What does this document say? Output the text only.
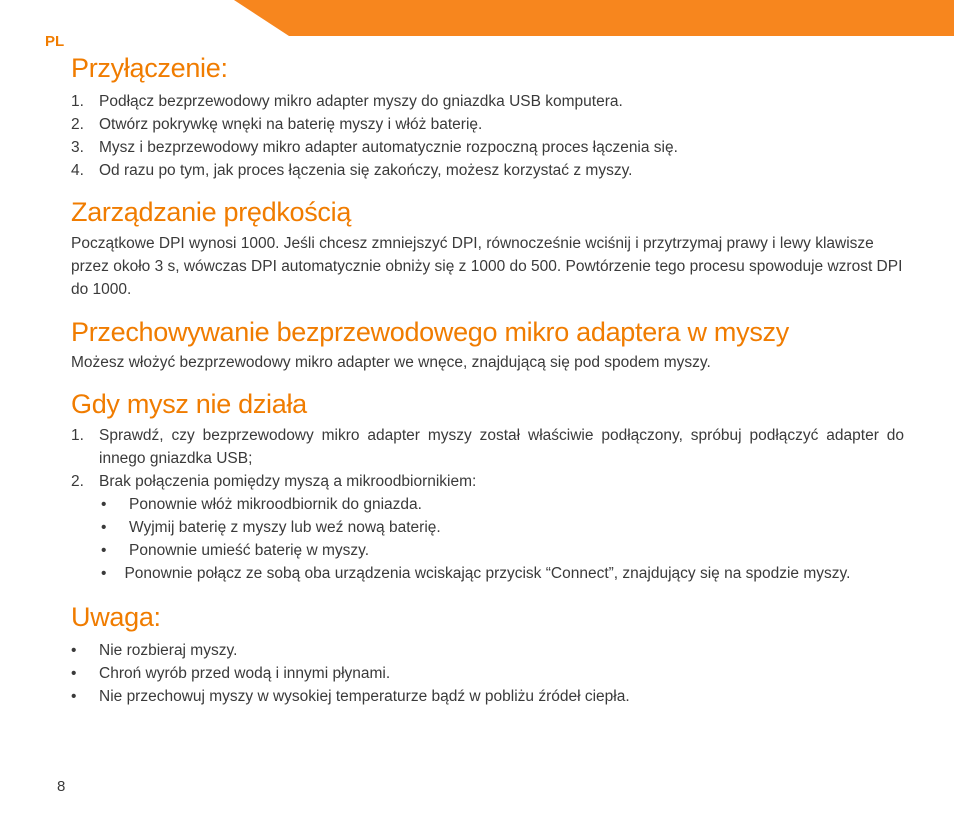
PL
Przyłączenie:
1. Podłącz bezprzewodowy mikro adapter myszy do gniazdka USB komputera.
2. Otwórz pokrywkę wnęki na baterię myszy i włóż baterię.
3. Mysz i bezprzewodowy mikro adapter automatycznie rozpoczną proces łączenia się.
4. Od razu po tym, jak proces łączenia się zakończy, możesz korzystać z myszy.
Zarządzanie prędkością
Początkowe DPI wynosi 1000. Jeśli chcesz zmniejszyć DPI, równocześnie wciśnij i przytrzymaj prawy i lewy klawisze przez około 3 s, wówczas DPI automatycznie obniży się z 1000 do 500. Powtórzenie tego procesu spowoduje wzrost DPI do 1000.
Przechowywanie bezprzewodowego mikro adaptera w myszy
Możesz włożyć bezprzewodowy mikro adapter we wnęce, znajdującą się pod spodem myszy.
Gdy mysz nie działa
1. Sprawdź, czy bezprzewodowy mikro adapter myszy został właściwie podłączony, spróbuj podłączyć adapter do innego gniazdka USB;
2. Brak połączenia pomiędzy myszą a mikroodbiornikiem:
• Ponownie włóż mikroodbiornik do gniazda.
• Wyjmij baterię z myszy lub weź nową baterię.
• Ponownie umieść baterię w myszy.
• Ponownie połącz ze sobą oba urządzenia wciskając przycisk “Connect”, znajdujący się na spodzie myszy.
Uwaga:
• Nie rozbieraj myszy.
• Chroń wyrób przed wodą i innymi płynami.
• Nie przechowuj myszy w wysokiej temperaturze bądź w pobliżu źródeł ciepła.
8
